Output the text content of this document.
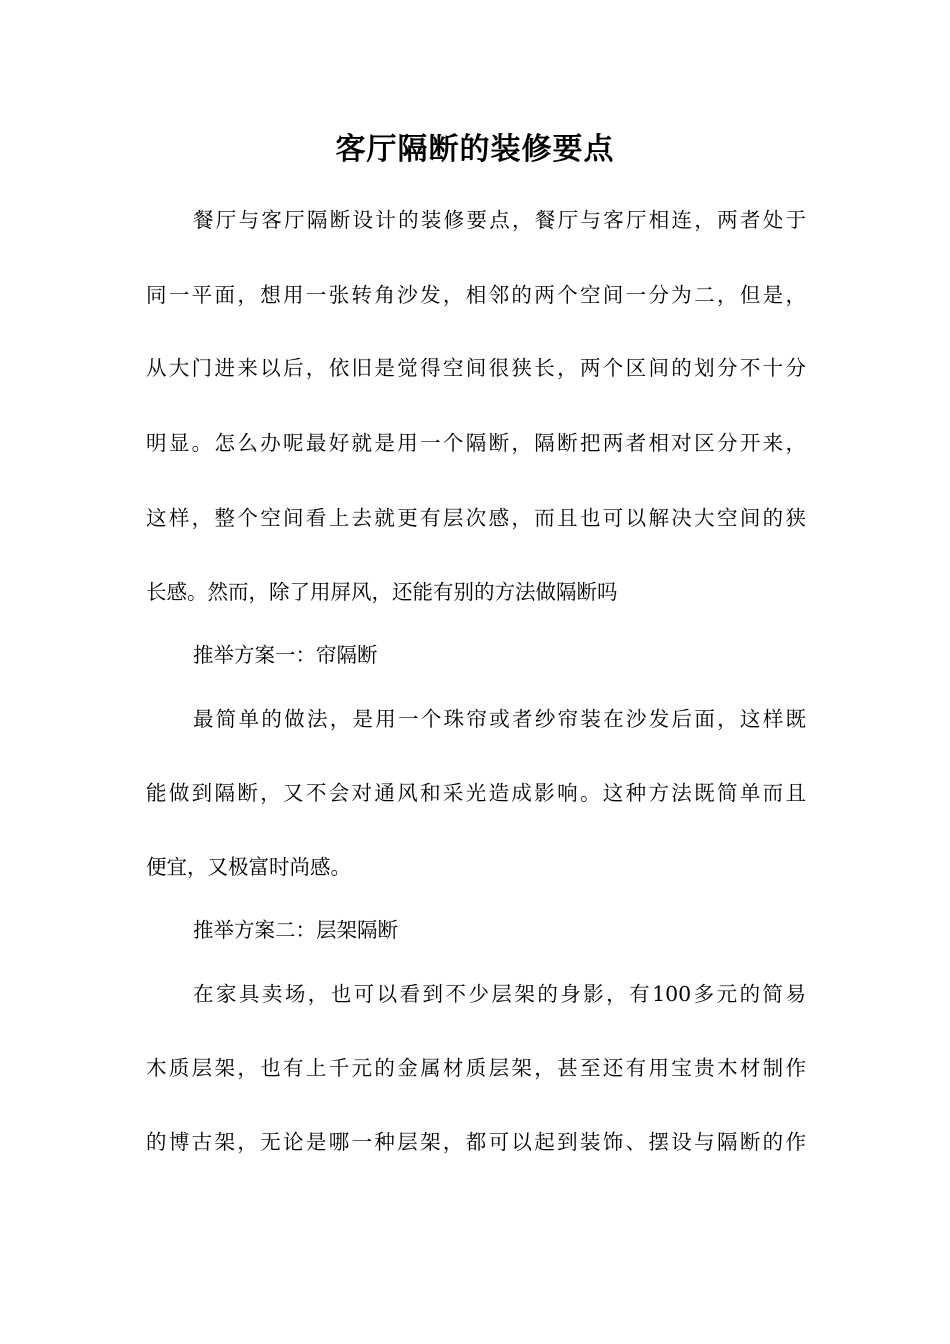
客厅隔断的装修要点

餐厅与客厅隔断设计的装修要点，餐厅与客厅相连，两者处于

同一平面，想用一张转角沙发，相邻的两个空间一分为二，但是，

从大门进来以后，依旧是觉得空间很狭长，两个区间的划分不十分

明显。怎么办呢最好就是用一个隔断，隔断把两者相对区分开来，

这样，整个空间看上去就更有层次感，而且也可以解决大空间的狭

长感。然而，除了用屏风，还能有别的方法做隔断吗

推举方案一：帘隔断

最简单的做法，是用一个珠帘或者纱帘装在沙发后面，这样既

能做到隔断，又不会对通风和采光造成影响。这种方法既简单而且

便宜，又极富时尚感。

推举方案二：层架隔断

在家具卖场，也可以看到不少层架的身影，有100多元的简易

木质层架，也有上千元的金属材质层架，甚至还有用宝贵木材制作

的博古架，无论是哪一种层架，都可以起到装饰、摆设与隔断的作
